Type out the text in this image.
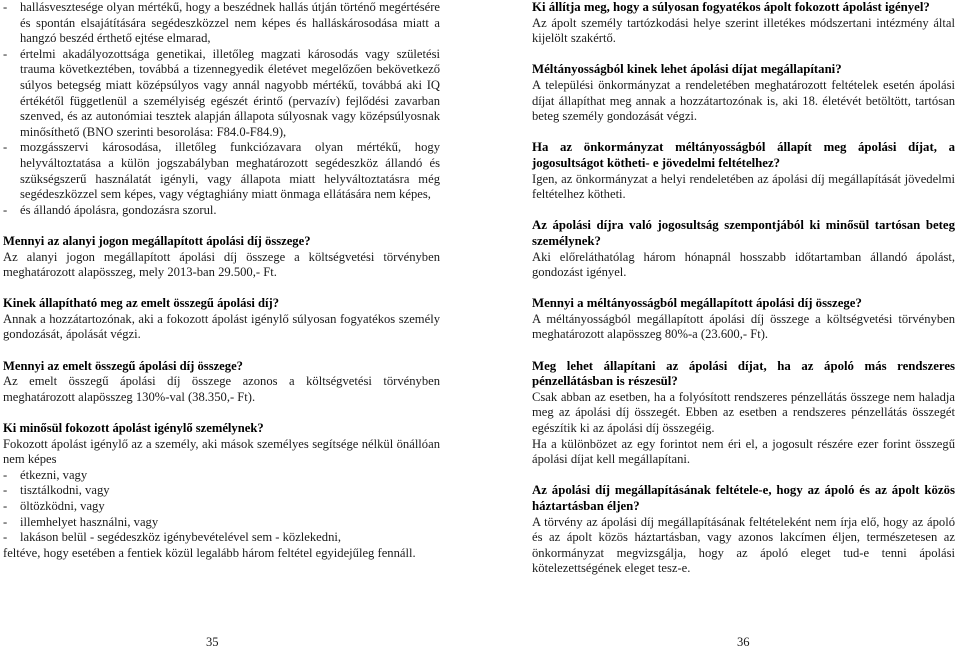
- hallásvesztesége olyan mértékű, hogy a beszédnek hallás útján történő megértésére és spontán elsajátítására segédeszközzel nem képes és halláskárosodása miatt a hangzó beszéd érthető ejtése elmarad,
- értelmi akadályozottsága genetikai, illetőleg magzati károsodás vagy születési trauma következtében, továbbá a tizennegyedik életévet megelőzően bekövetkező súlyos betegség miatt középsúlyos vagy annál nagyobb mértékű, továbbá aki IQ értékétől függetlenül a személyiség egészét érintő (pervazív) fejlődési zavarban szenved, és az autonómiai tesztek alapján állapota súlyosnak vagy középsúlyosnak minősíthető (BNO szerinti besorolása: F84.0-F84.9),
- mozgásszervi károsodása, illetőleg funkciózavara olyan mértékű, hogy helyváltoztatása a külön jogszabályban meghatározott segédeszköz állandó és szükségszerű használatát igényli, vagy állapota miatt helyváltoztatásra még segédeszközzel sem képes, vagy végtaghiány miatt önmaga ellátására nem képes,
- és állandó ápolásra, gondozásra szorul.

Mennyi az alanyi jogon megállapított ápolási díj összege?

Az alanyi jogon megállapított ápolási díj összege a költségvetési törvényben meghatározott alapösszeg, mely 2013-ban 29.500,- Ft.

Kinek állapítható meg az emelt összegű ápolási díj?

Annak a hozzátartozónak, aki a fokozott ápolást igénylő súlyosan fogyatékos személy gondozását, ápolását végzi.

Mennyi az emelt összegű ápolási díj összege?

Az emelt összegű ápolási díj összege azonos a költségvetési törvényben meghatározott alapösszeg 130%-val (38.350,- Ft).

Ki minősül fokozott ápolást igénylő személynek?

Fokozott ápolást igénylő az a személy, aki mások személyes segítsége nélkül önállóan nem képes

- étkezni, vagy
- tisztálkodni, vagy
- öltözködni, vagy
- illemhelyet használni, vagy
- lakáson belül - segédeszköz igénybevételével sem - közlekedni,

feltéve, hogy esetében a fentiek közül legalább három feltétel egyidejűleg fennáll.

Ki állítja meg, hogy a súlyosan fogyatékos ápolt fokozott ápolást igényel?

Az ápolt személy tartózkodási helye szerint illetékes módszertani intézmény által kijelölt szakértő.

Méltányosságból kinek lehet ápolási díjat megállapítani?

A települési önkormányzat a rendeletében meghatározott feltételek esetén ápolási díjat állapíthat meg annak a hozzátartozónak is, aki 18. életévét betöltött, tartósan beteg személy gondozását végzi.

Ha az önkormányzat méltányosságból állapít meg ápolási díjat, a jogosultságot kötheti- e jövedelmi feltételhez?

Igen, az önkormányzat a helyi rendeletében az ápolási díj megállapítását jövedelmi feltételhez kötheti.

Az ápolási díjra való jogosultság szempontjából ki minősül tartósan beteg személynek?

Aki előreláthatólag három hónapnál hosszabb időtartamban állandó ápolást, gondozást igényel.

Mennyi a méltányosságból megállapított ápolási díj összege?

A méltányosságból megállapított ápolási díj összege a költségvetési törvényben meghatározott alapösszeg 80%-a (23.600,- Ft).

Meg lehet állapítani az ápolási díjat, ha az ápoló más rendszeres pénzellátásban is részesül?

Csak abban az esetben, ha a folyósított rendszeres pénzellátás összege nem haladja meg az ápolási díj összegét. Ebben az esetben a rendszeres pénzellátás összegét egészítik ki az ápolási díj összegéig.

Ha a különbözet az egy forintot nem éri el, a jogosult részére ezer forint összegű ápolási díjat kell megállapítani.

Az ápolási díj megállapításának feltétele-e, hogy az ápoló és az ápolt közös háztartásban éljen?

A törvény az ápolási díj megállapításának feltételeként nem írja elő, hogy az ápoló és az ápolt közös háztartásban, vagy azonos lakcímen éljen, természetesen az önkormányzat megvizsgálja, hogy az ápoló eleget tud-e tenni ápolási kötelezettségének eleget tesz-e.

35	36
